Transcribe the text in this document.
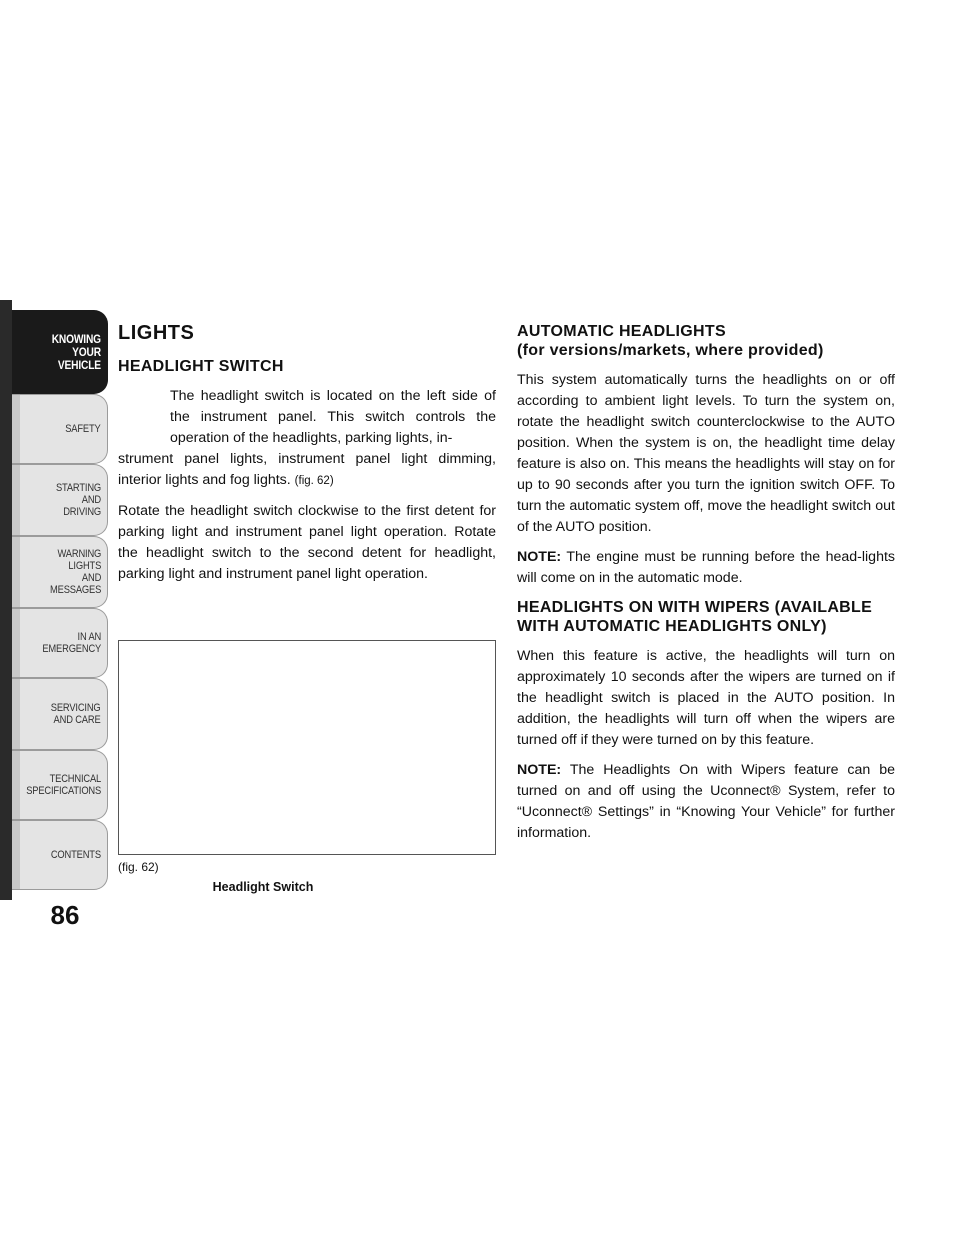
KNOWING
YOUR
VEHICLE
SAFETY
STARTING
AND
DRIVING
WARNING
LIGHTS
AND
MESSAGES
IN AN
EMERGENCY
SERVICING
AND CARE
TECHNICAL
SPECIFICATIONS
CONTENTS
86
LIGHTS
HEADLIGHT SWITCH

The headlight switch is located on the left side of the instrument panel. This switch controls the operation of the headlights, parking lights, in-

strument panel lights, instrument panel light dimming, interior lights and fog lights. (fig. 62)

Rotate the headlight switch clockwise to the first detent for parking light and instrument panel light operation. Rotate the headlight switch to the second detent for headlight, parking light and instrument panel light operation.

(fig. 62)
Headlight Switch
AUTOMATIC HEADLIGHTS
(for versions/markets, where provided)

This system automatically turns the headlights on or off according to ambient light levels. To turn the system on, rotate the headlight switch counterclockwise to the AUTO position. When the system is on, the headlight time delay feature is also on. This means the headlights will stay on for up to 90 seconds after you turn the ignition switch OFF. To turn the automatic system off, move the headlight switch out of the AUTO position.

NOTE: The engine must be running before the head-lights will come on in the automatic mode.

HEADLIGHTS ON WITH WIPERS (AVAILABLE WITH AUTOMATIC HEADLIGHTS ONLY)

When this feature is active, the headlights will turn on approximately 10 seconds after the wipers are turned on if the headlight switch is placed in the AUTO position. In addition, the headlights will turn off when the wipers are turned off if they were turned on by this feature.

NOTE: The Headlights On with Wipers feature can be turned on and off using the Uconnect® System, refer to “Uconnect® Settings” in “Knowing Your Vehicle” for further information.
